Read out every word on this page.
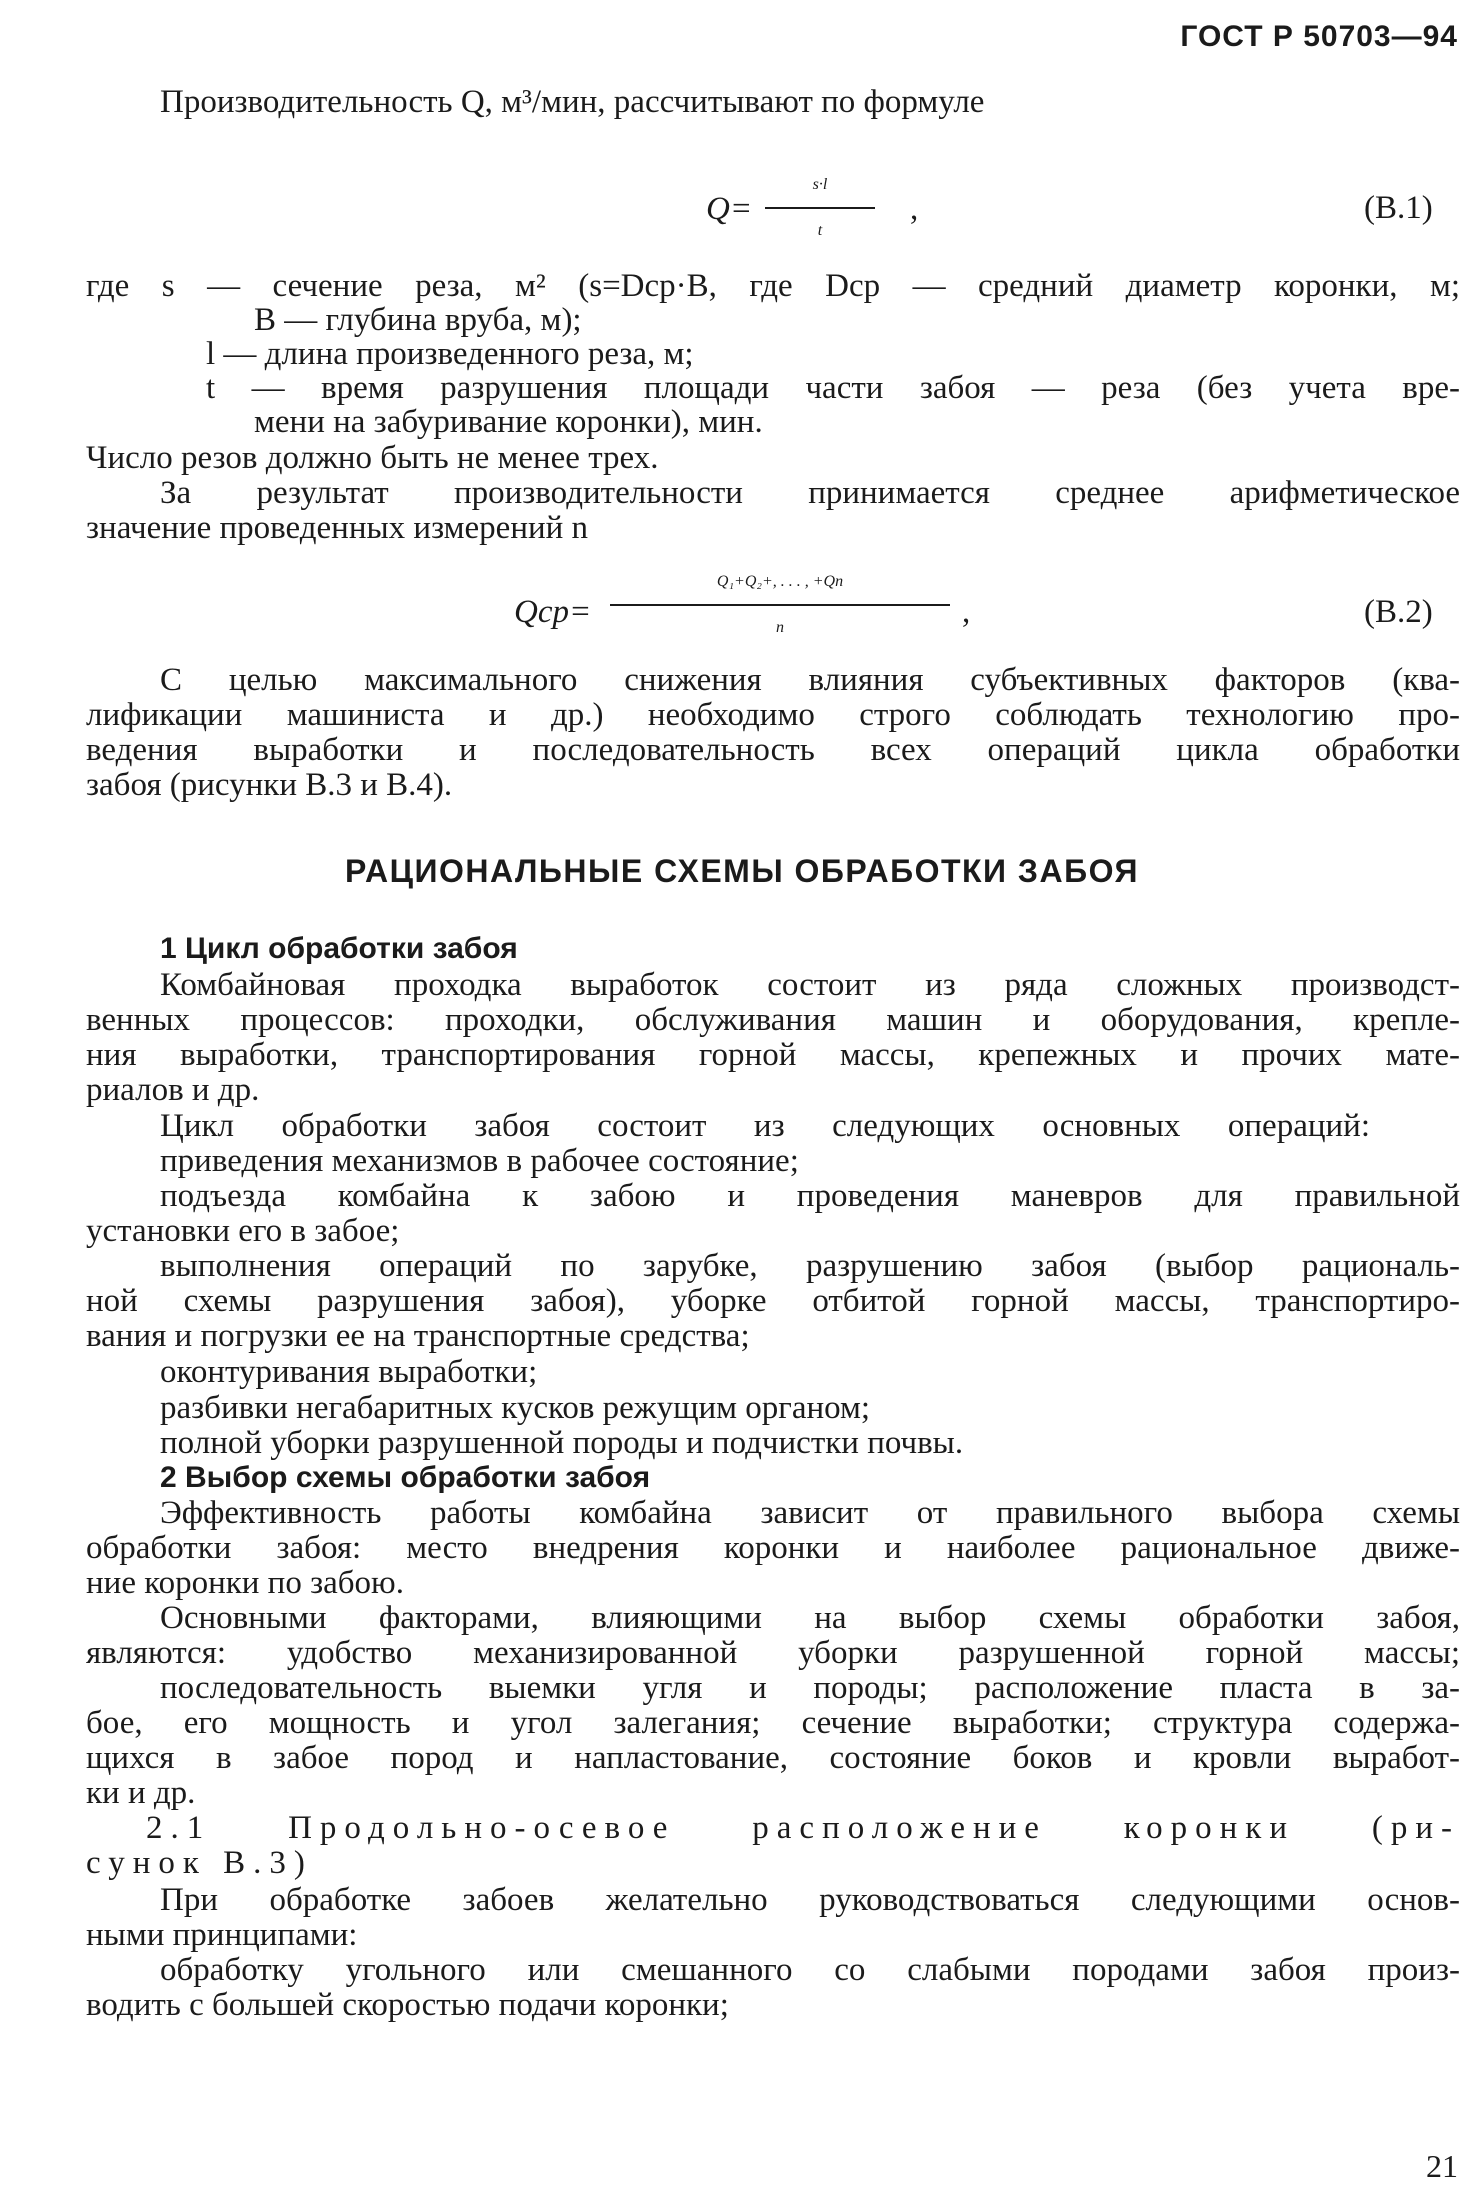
ГОСТ Р 50703—94

Производительность Q, м³/мин, рассчитывают по формуле

Q=
s·l
t
,	(В.1)

где s — сечение реза, м² (s=Dср·B, где Dср — средний диаметр коронки, м;

B — глубина вруба, м);

l — длина произведенного реза, м;

t — время разрушения площади части забоя — реза (без учета вре-

мени на забуривание коронки), мин.

Число резов должно быть не менее трех.

За результат производительности принимается среднее арифметическое

значение проведенных измерений n

Qср=
Q₁+Q₂+, . . . , +Qn
n	,	(В.2)

С целью максимального снижения влияния субъективных факторов (ква-

лификации машиниста и др.) необходимо строго соблюдать технологию про-

ведения выработки и последовательность всех операций цикла обработки

забоя (рисунки В.3 и В.4).

РАЦИОНАЛЬНЫЕ СХЕМЫ ОБРАБОТКИ ЗАБОЯ

1 Цикл обработки забоя

Комбайновая проходка выработок состоит из ряда сложных производст-

венных процессов: проходки, обслуживания машин и оборудования, крепле-

ния выработки, транспортирования горной массы, крепежных и прочих мате-

риалов и др.

Цикл обработки забоя состоит из следующих основных операций:

приведения механизмов в рабочее состояние;

подъезда комбайна к забою и проведения маневров для правильной

установки его в забое;

выполнения операций по зарубке, разрушению забоя (выбор рациональ-

ной схемы разрушения забоя), уборке отбитой горной массы, транспортиро-

вания и погрузки ее на транспортные средства;

оконтуривания выработки;

разбивки негабаритных кусков режущим органом;

полной уборки разрушенной породы и подчистки почвы.

2 Выбор схемы обработки забоя

Эффективность работы комбайна зависит от правильного выбора схемы

обработки забоя: место внедрения коронки и наиболее рациональное движе-

ние коронки по забою.

Основными факторами, влияющими на выбор схемы обработки забоя,

являются: удобство механизированной уборки разрушенной горной массы;

последовательность выемки угля и породы; расположение пласта в за-

бое, его мощность и угол залегания; сечение выработки; структура содержа-

щихся в забое пород и напластование, состояние боков и кровли выработ-

ки и др.

2.1 Продольно-осевое расположение коронки (ри-

сунок В.3)

При обработке забоев желательно руководствоваться следующими основ-

ными принципами:

обработку угольного или смешанного со слабыми породами забоя произ-

водить с большей скоростью подачи коронки;

21
